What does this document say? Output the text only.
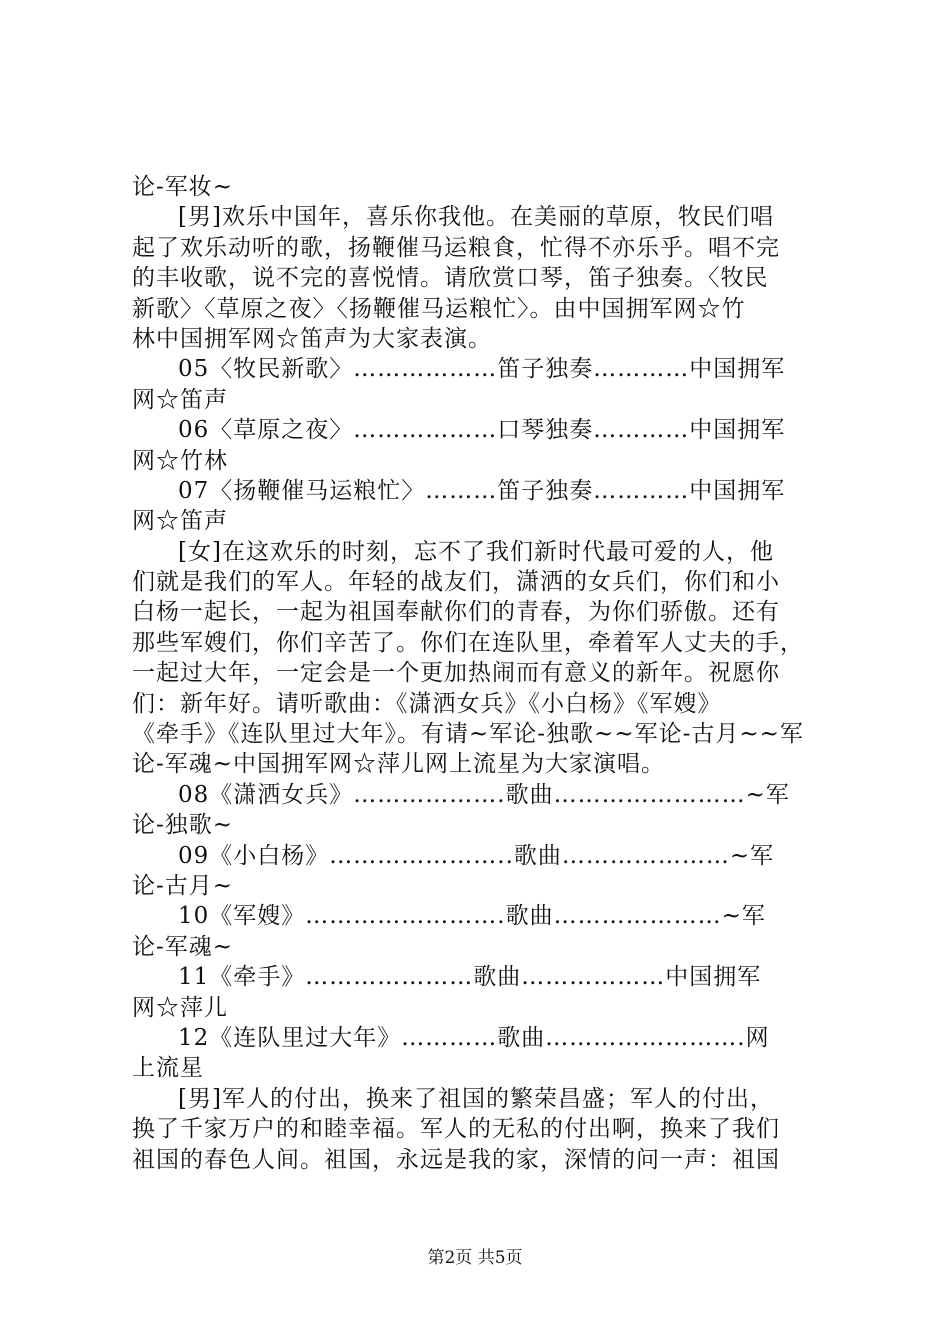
论-军妆~
[男]欢乐中国年，喜乐你我他。在美丽的草原，牧民们唱
起了欢乐动听的歌，扬鞭催马运粮食，忙得不亦乐乎。唱不完
的丰收歌，说不完的喜悦情。请欣赏口琴，笛子独奏。〈牧民
新歌〉〈草原之夜〉〈扬鞭催马运粮忙〉。由中国拥军网☆竹
林中国拥军网☆笛声为大家表演。
05〈牧民新歌〉………………笛子独奏…………中国拥军
网☆笛声
06〈草原之夜〉………………口琴独奏…………中国拥军
网☆竹林
07〈扬鞭催马运粮忙〉………笛子独奏…………中国拥军
网☆笛声
[女]在这欢乐的时刻，忘不了我们新时代最可爱的人，他
们就是我们的军人。年轻的战友们，潇洒的女兵们，你们和小
白杨一起长，一起为祖国奉献你们的青春，为你们骄傲。还有
那些军嫂们，你们辛苦了。你们在连队里，牵着军人丈夫的手，
一起过大年，一定会是一个更加热闹而有意义的新年。祝愿你
们：新年好。请听歌曲：《潇洒女兵》《小白杨》《军嫂》
《牵手》《连队里过大年》。有请~军论-独歌~~军论-古月~~军
论-军魂~中国拥军网☆萍儿网上流星为大家演唱。
08《潇洒女兵》……………….歌曲……………………~军
论-独歌~
09《小白杨》…………………..歌曲…………………~军
论-古月~
10《军嫂》…………………….歌曲…………………~军
论-军魂~
11《牵手》…………………歌曲………………中国拥军
网☆萍儿
12《连队里过大年》…………歌曲…………………….网
上流星
[男]军人的付出，换来了祖国的繁荣昌盛；军人的付出，
换了千家万户的和睦幸福。军人的无私的付出啊，换来了我们
祖国的春色人间。祖国，永远是我的家，深情的问一声：祖国
第2页 共5页
